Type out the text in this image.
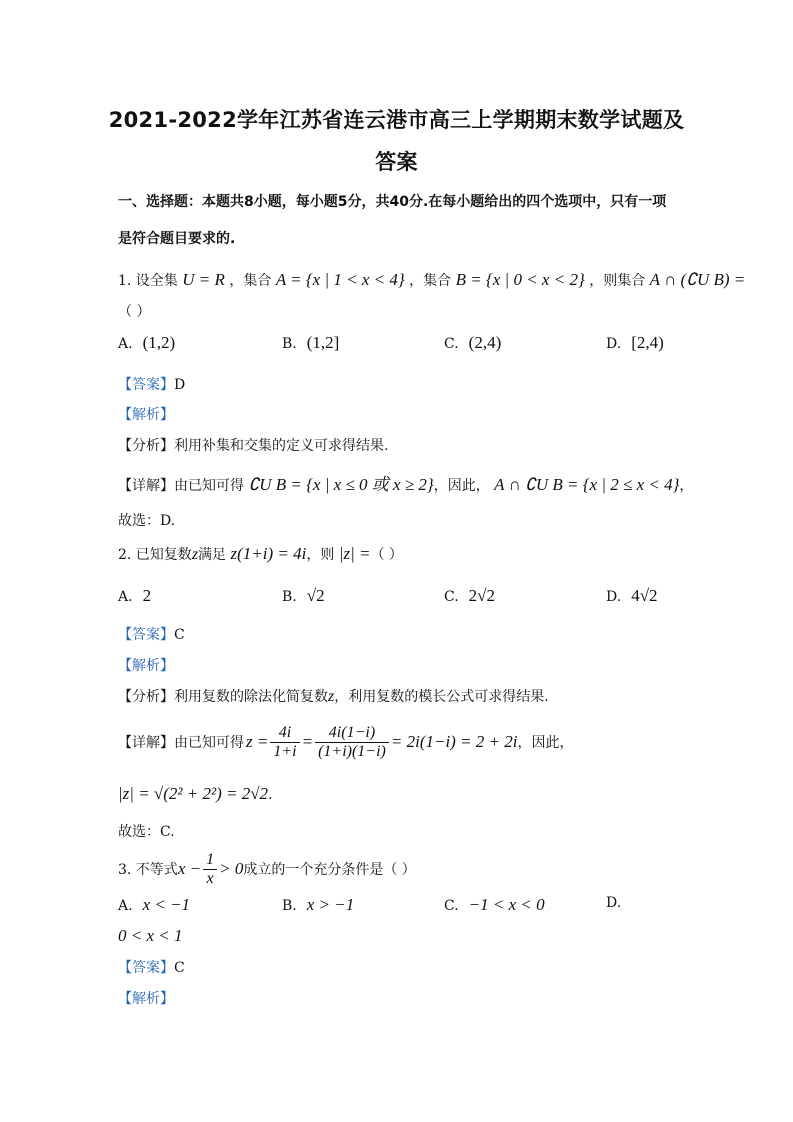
2021-2022学年江苏省连云港市高三上学期期末数学试题及
答案
一、选择题：本题共8小题，每小题5分，共40分.在每小题给出的四个选项中，只有一项
是符合题目要求的.
1. 设全集 U = R ，集合 A = {x | 1 < x < 4} ，集合 B = {x | 0 < x < 2} ，则集合 A ∩ (∁U B) =
（ ）
A. (1,2)	B. (1,2]	C. (2,4)	D. [2,4)
【答案】D
【解析】
【分析】利用补集和交集的定义可求得结果.
【详解】由已知可得 ∁U B = {x | x ≤ 0 或 x ≥ 2}，因此， A ∩ ∁U B = {x | 2 ≤ x < 4}，
故选：D.
2. 已知复数z满足 z(1+i) = 4i，则 |z| =（ ）
A. 2	B. √2	C. 2√2	D. 4√2
【答案】C
【解析】
【分析】利用复数的除法化简复数z，利用复数的模长公式可求得结果.
【详解】 由已知可得 $z = \frac{4i}{1+i} = \frac{4i(1-i)}{(1+i)(1-i)} = 2i(1-i) = 2 + 2i$ ，因此，
|z| = √(2² + 2²) = 2√2.
故选：C.
3. 不等式 $x - \frac{1}{x} > 0$ 成立的一个充分条件是（ ）
A. x < −1	B. x > −1	C. −1 < x < 0	D.
0 < x < 1
【答案】C
【解析】
